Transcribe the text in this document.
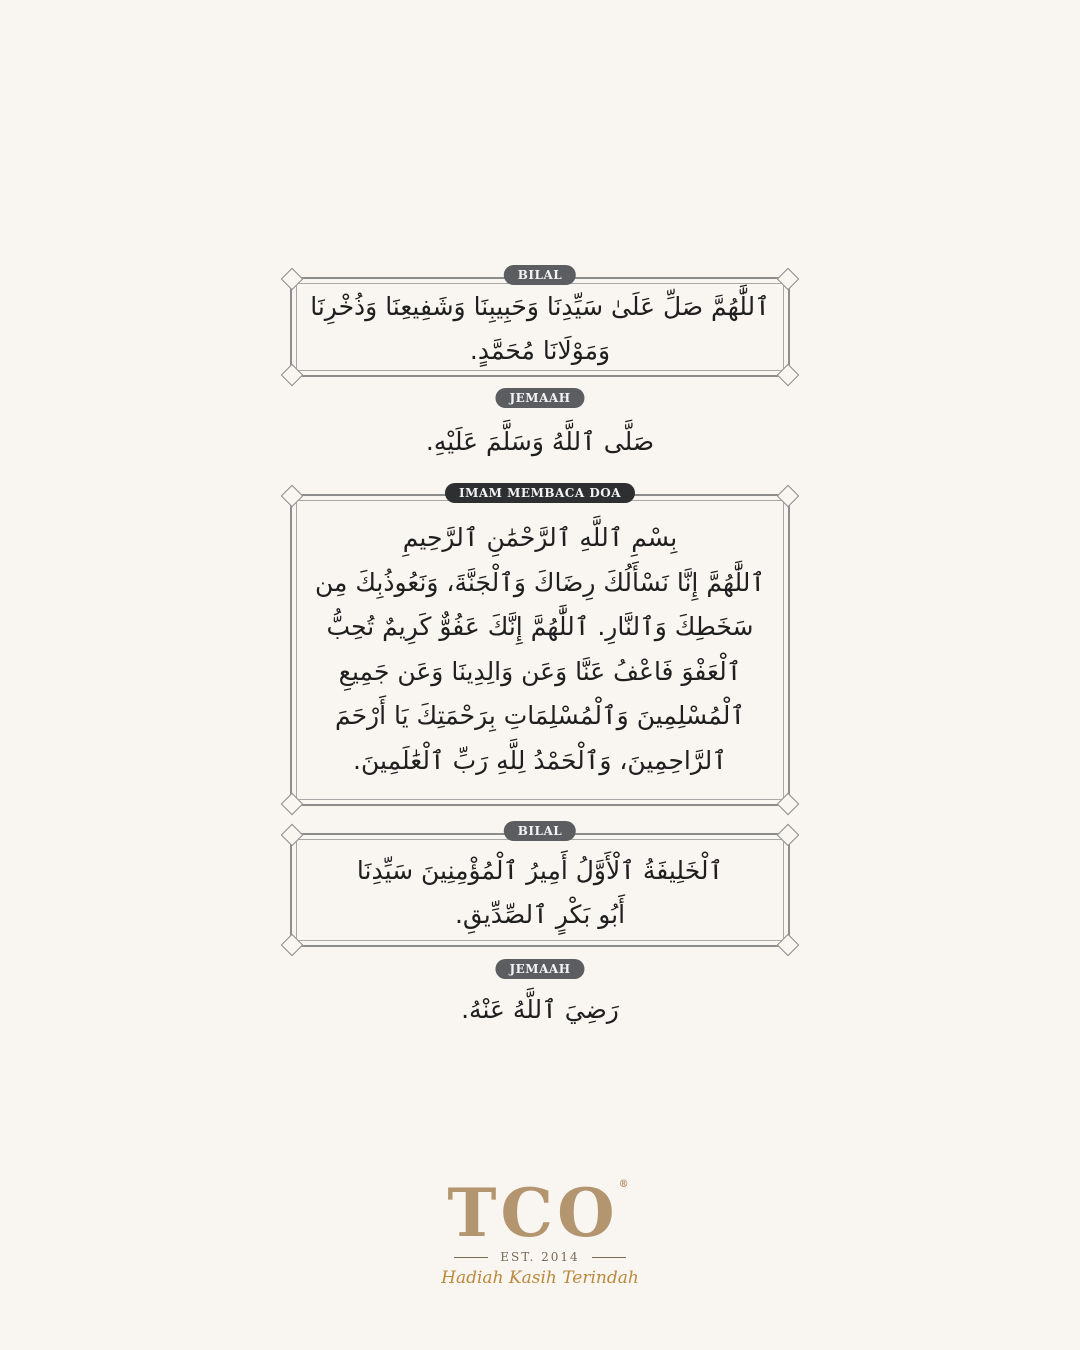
ٱللَّٰهُمَّ صَلِّ عَلَىٰ سَيِّدِنَا وَحَبِيبِنَا وَشَفِيعِنَا وَذُخْرِنَا
وَمَوْلَانَا مُحَمَّدٍ.
BILAL
JEMAAH
صَلَّى ٱللَّهُ وَسَلَّمَ عَلَيْهِ.
بِسْمِ ٱللَّهِ ٱلرَّحْمَٰنِ ٱلرَّحِيمِ
ٱللَّٰهُمَّ إِنَّا نَسْأَلُكَ رِضَاكَ وَٱلْجَنَّةَ، وَنَعُوذُبِكَ مِن
سَخَطِكَ وَٱلنَّارِ. ٱللَّٰهُمَّ إِنَّكَ عَفُوٌّ كَرِيمٌ تُحِبُّ
ٱلْعَفْوَ فَاعْفُ عَنَّا وَعَن وَالِدِينَا وَعَن جَمِيعِ
ٱلْمُسْلِمِينَ وَٱلْمُسْلِمَاتِ بِرَحْمَتِكَ يَا أَرْحَمَ
ٱلرَّاحِمِينَ، وَٱلْحَمْدُ لِلَّهِ رَبِّ ٱلْعَٰلَمِينَ.
IMAM MEMBACA DOA
ٱلْخَلِيفَةُ ٱلْأَوَّلُ أَمِيرُ ٱلْمُؤْمِنِينَ سَيِّدِنَا
أَبُو بَكْرٍ ٱلصِّدِّيقِ.
BILAL
JEMAAH
رَضِيَ ٱللَّهُ عَنْهُ.
TCO®
EST. 2014
Hadiah Kasih Terindah
